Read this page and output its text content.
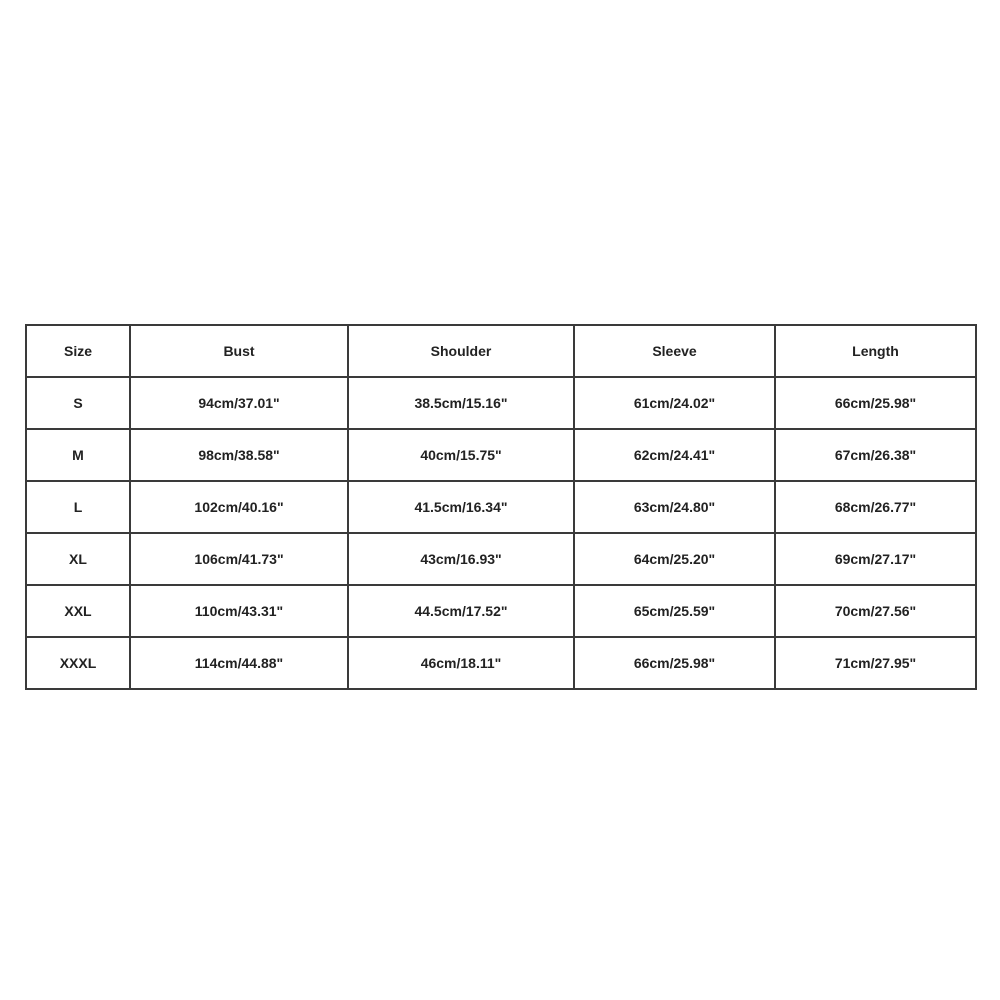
Size	Bust	Shoulder	Sleeve	Length
S	94cm/37.01"	38.5cm/15.16"	61cm/24.02"	66cm/25.98"
M	98cm/38.58"	40cm/15.75"	62cm/24.41"	67cm/26.38"
L	102cm/40.16"	41.5cm/16.34"	63cm/24.80"	68cm/26.77"
XL	106cm/41.73"	43cm/16.93"	64cm/25.20"	69cm/27.17"
XXL	110cm/43.31"	44.5cm/17.52"	65cm/25.59"	70cm/27.56"
XXXL	114cm/44.88"	46cm/18.11"	66cm/25.98"	71cm/27.95"
